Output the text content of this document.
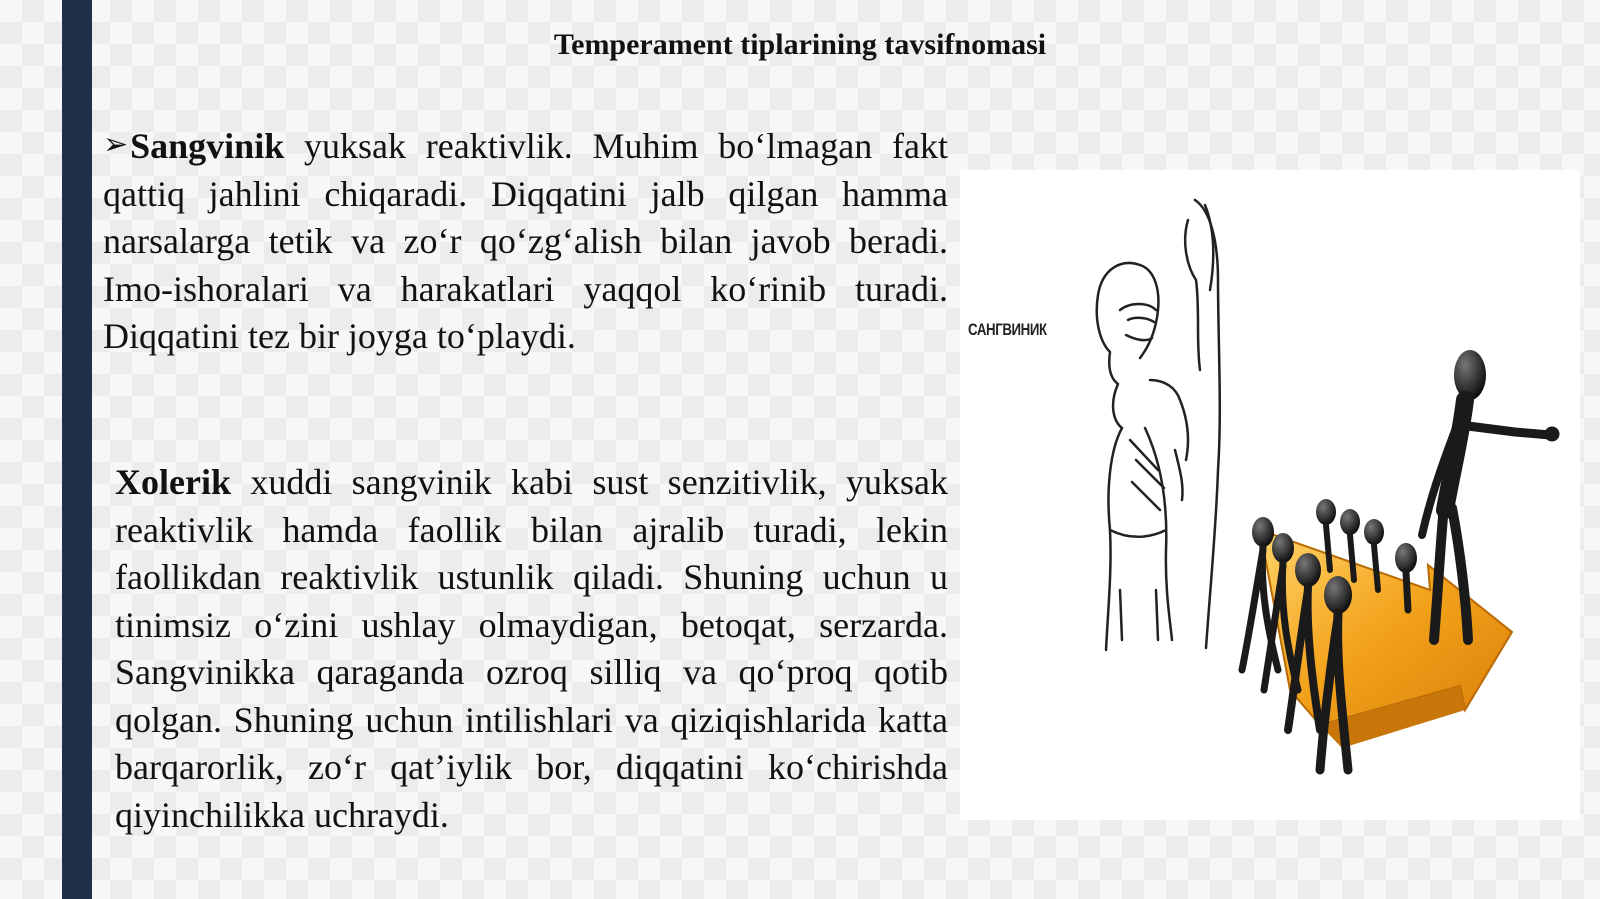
Temperament tiplarining tavsifnomasi

➢Sangvinik yuksak reaktivlik. Muhim bo‘lmagan fakt qattiq jahlini chiqaradi. Diqqatini jalb qilgan hamma narsalarga tetik va zo‘r qo‘zg‘alish bilan javob beradi. Imo-ishoralari va harakatlari yaqqol ko‘rinib turadi. Diqqatini tez bir joyga to‘playdi.

Xolerik xuddi sangvinik kabi sust senzitivlik, yuksak reaktivlik hamda faollik bilan ajralib turadi, lekin faollikdan reaktivlik ustunlik qiladi. Shuning uchun u tinimsiz o‘zini ushlay olmaydigan, betoqat, serzarda. Sangvinikka qaraganda ozroq silliq va qo‘proq qotib qolgan. Shuning uchun intilishlari va qiziqishlarida katta barqarorlik, zo‘r qat’iylik bor, diqqatini ko‘chirishda qiyinchilikka uchraydi.

САНГВИНИК
